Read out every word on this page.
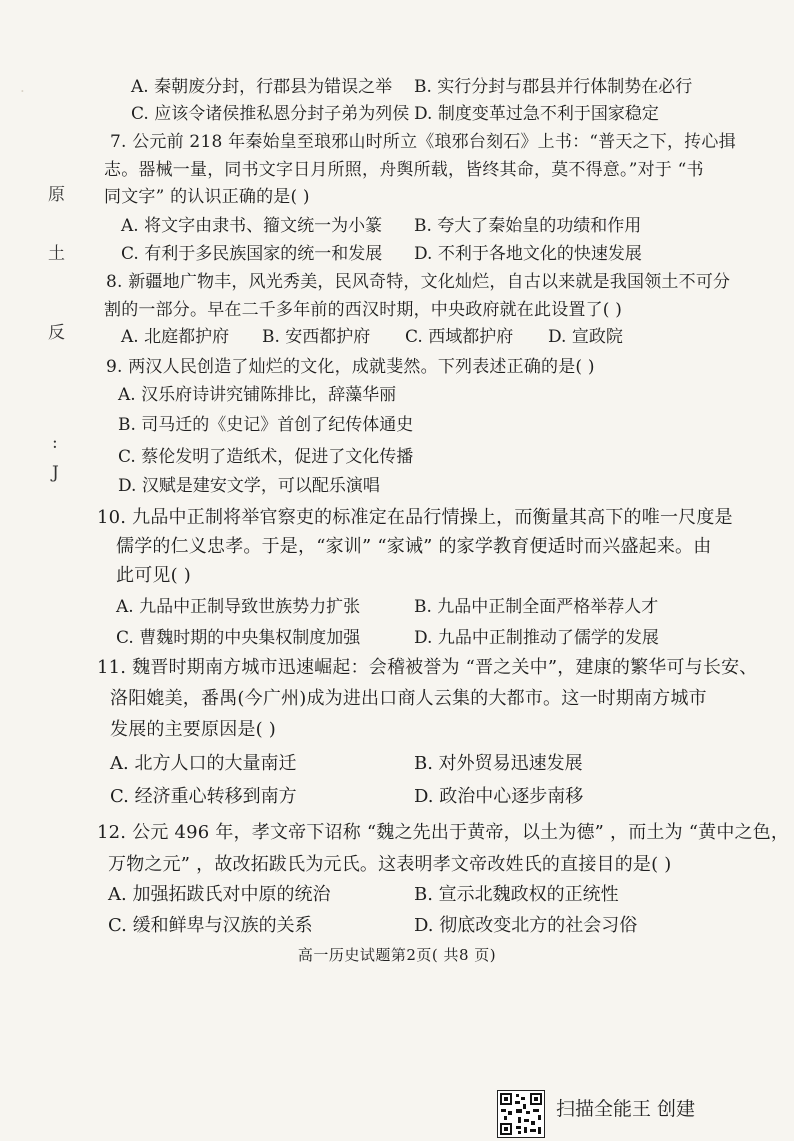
·
原
土
反
:
J
A. 秦朝废分封，行郡县为错误之举 B. 实行分封与郡县并行体制势在必行
C. 应该令诸侯推私恩分封子弟为列侯 D. 制度变革过急不利于国家稳定
7. 公元前 218 年秦始皇至琅邪山时所立《琅邪台刻石》上书：“普天之下，抟心揖
志。器械一量，同书文字日月所照，舟舆所载，皆终其命，莫不得意。”对于 “书
同文字” 的认识正确的是( )
A. 将文字由隶书、籀文统一为小篆 B. 夸大了秦始皇的功绩和作用
C. 有利于多民族国家的统一和发展 D. 不利于各地文化的快速发展
8. 新疆地广物丰，风光秀美，民风奇特，文化灿烂，自古以来就是我国领土不可分
割的一部分。早在二千多年前的西汉时期，中央政府就在此设置了( )
A. 北庭都护府 B. 安西都护府 C. 西域都护府 D. 宣政院
9. 两汉人民创造了灿烂的文化，成就斐然。下列表述正确的是( )
A. 汉乐府诗讲究铺陈排比，辞藻华丽
B. 司马迁的《史记》首创了纪传体通史
C. 蔡伦发明了造纸术，促进了文化传播
D. 汉赋是建安文学，可以配乐演唱
10. 九品中正制将举官察吏的标准定在品行情操上，而衡量其高下的唯一尺度是
儒学的仁义忠孝。于是，“家训” “家诫” 的家学教育便适时而兴盛起来。由
此可见( )
A. 九品中正制导致世族势力扩张	B. 九品中正制全面严格举荐人才
C. 曹魏时期的中央集权制度加强	D. 九品中正制推动了儒学的发展
11. 魏晋时期南方城市迅速崛起：会稽被誉为 “晋之关中”，建康的繁华可与长安、
洛阳媲美，番禺(今广州)成为进出口商人云集的大都市。这一时期南方城市
发展的主要原因是( )
A. 北方人口的大量南迁	B. 对外贸易迅速发展
C. 经济重心转移到南方	D. 政治中心逐步南移
12. 公元 496 年，孝文帝下诏称 “魏之先出于黄帝，以土为德” ，而土为 “黄中之色，
万物之元” ，故改拓跋氏为元氏。这表明孝文帝改姓氏的直接目的是( )
A. 加强拓跋氏对中原的统治	B. 宣示北魏政权的正统性
C. 缓和鲜卑与汉族的关系	D. 彻底改变北方的社会习俗
高一历史试题第2页( 共8 页)
扫描全能王 创建
